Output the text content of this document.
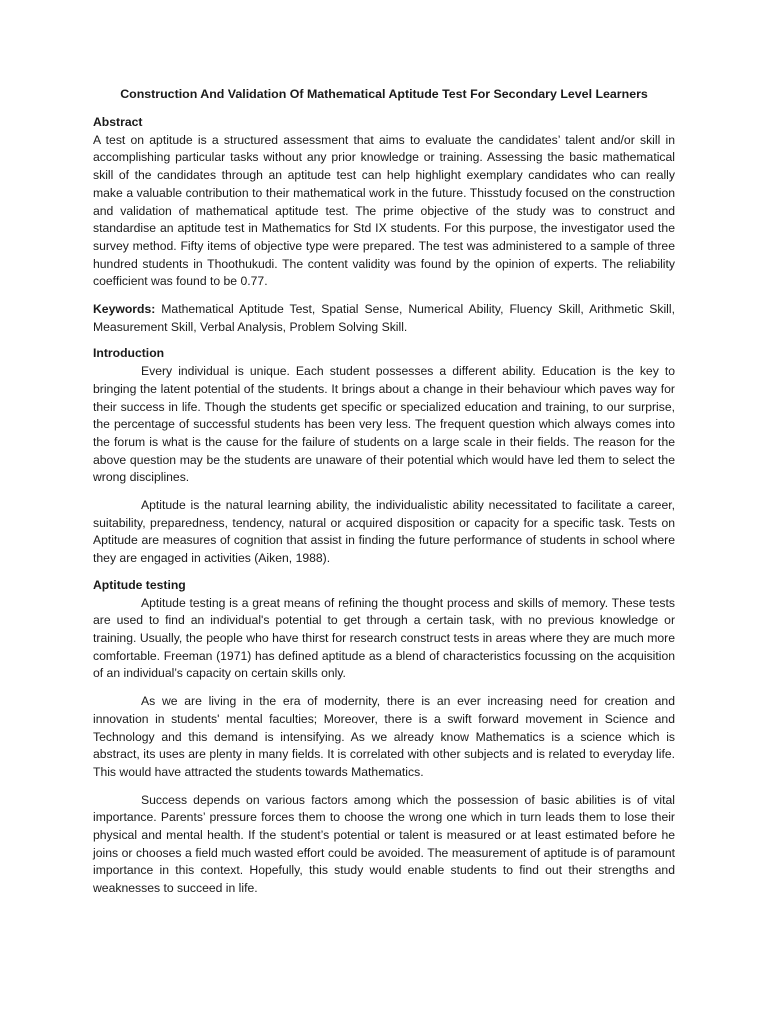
Construction And Validation Of Mathematical Aptitude Test For Secondary Level Learners
Abstract

A test on aptitude is a structured assessment that aims to evaluate the candidates’ talent and/or skill in accomplishing particular tasks without any prior knowledge or training. Assessing the basic mathematical skill of the candidates through an aptitude test can help highlight exemplary candidates who can really make a valuable contribution to their mathematical work in the future. Thisstudy focused on the construction and validation of mathematical aptitude test. The prime objective of the study was to construct and standardise an aptitude test in Mathematics for Std IX students. For this purpose, the investigator used the survey method. Fifty items of objective type were prepared. The test was administered to a sample of three hundred students in Thoothukudi. The content validity was found by the opinion of experts. The reliability coefficient was found to be 0.77.

Keywords: Mathematical Aptitude Test, Spatial Sense, Numerical Ability, Fluency Skill, Arithmetic Skill, Measurement Skill, Verbal Analysis, Problem Solving Skill.

Introduction

Every individual is unique. Each student possesses a different ability. Education is the key to bringing the latent potential of the students. It brings about a change in their behaviour which paves way for their success in life. Though the students get specific or specialized education and training, to our surprise, the percentage of successful students has been very less. The frequent question which always comes into the forum is what is the cause for the failure of students on a large scale in their fields. The reason for the above question may be the students are unaware of their potential which would have led them to select the wrong disciplines.

Aptitude is the natural learning ability, the individualistic ability necessitated to facilitate a career, suitability, preparedness, tendency, natural or acquired disposition or capacity for a specific task. Tests on Aptitude are measures of cognition that assist in finding the future performance of students in school where they are engaged in activities (Aiken, 1988).

Aptitude testing

Aptitude testing is a great means of refining the thought process and skills of memory. These tests are used to find an individual's potential to get through a certain task, with no previous knowledge or training. Usually, the people who have thirst for research construct tests in areas where they are much more comfortable. Freeman (1971) has defined aptitude as a blend of characteristics focussing on the acquisition of an individual’s capacity on certain skills only.

As we are living in the era of modernity, there is an ever increasing need for creation and innovation in students' mental faculties; Moreover, there is a swift forward movement in Science and Technology and this demand is intensifying. As we already know Mathematics is a science which is abstract, its uses are plenty in many fields. It is correlated with other subjects and is related to everyday life. This would have attracted the students towards Mathematics.

Success depends on various factors among which the possession of basic abilities is of vital importance. Parents’ pressure forces them to choose the wrong one which in turn leads them to lose their physical and mental health. If the student’s potential or talent is measured or at least estimated before he joins or chooses a field much wasted effort could be avoided. The measurement of aptitude is of paramount importance in this context. Hopefully, this study would enable students to find out their strengths and weaknesses to succeed in life.
